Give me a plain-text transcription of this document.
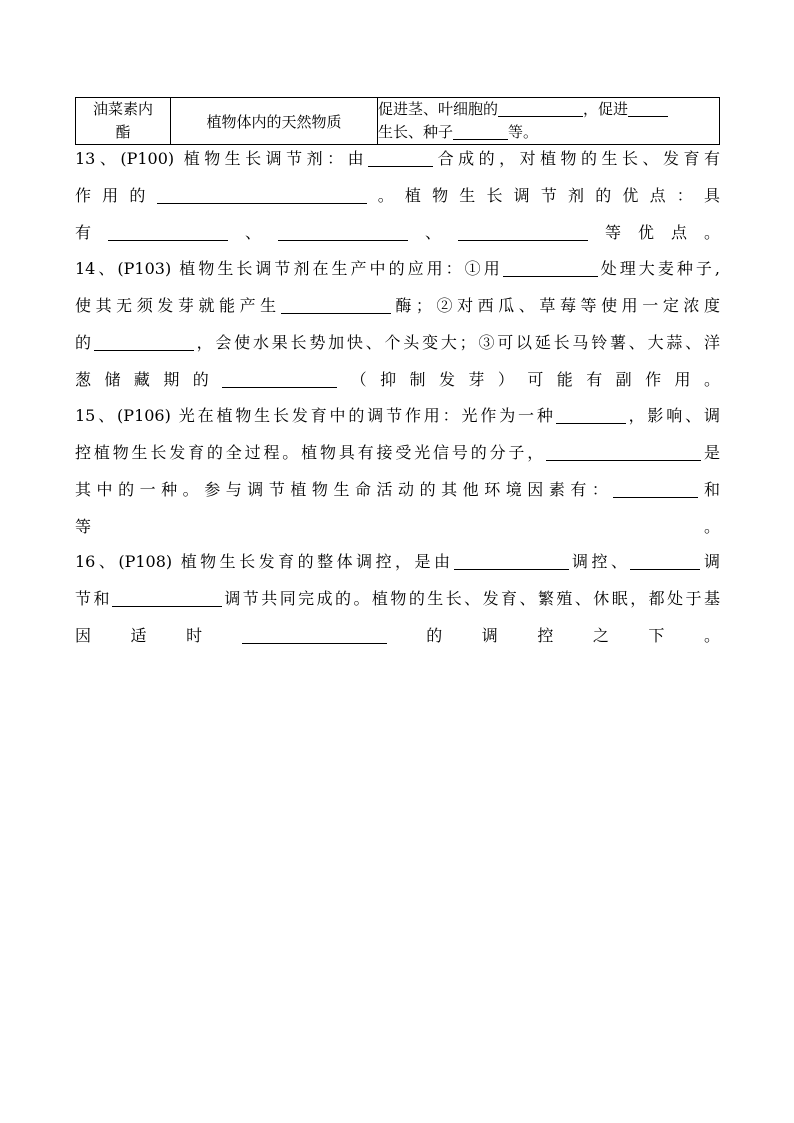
油菜素内
酯	植物体内的天然物质	促进茎、叶细胞的	，促进
生长、种子	等。
13、(P100) 植物生长调节剂：由	合成的，对植物的生长、发育有
作用的	。植物生长调节剂的优点：具
有	、	、	等优点。
14、(P103) 植物生长调节剂在生产中的应用：①用	处理大麦种子,
使其无须发芽就能产生	酶；②对西瓜、草莓等使用一定浓度
的	，会使水果长势加快、个头变大；③可以延长马铃薯、大蒜、洋
葱储藏期的	（抑制发芽）可能有副作用。
15、(P106) 光在植物生长发育中的调节作用：光作为一种	，影响、调
控植物生长发育的全过程。植物具有接受光信号的分子，	是
其中的一种。参与调节植物生命活动的其他环境因素有：	和
等。
16、(P108) 植物生长发育的整体调控，是由	调控、	调
节和	调节共同完成的。植物的生长、发育、繁殖、休眠，都处于基
因适时	的调控之下。
